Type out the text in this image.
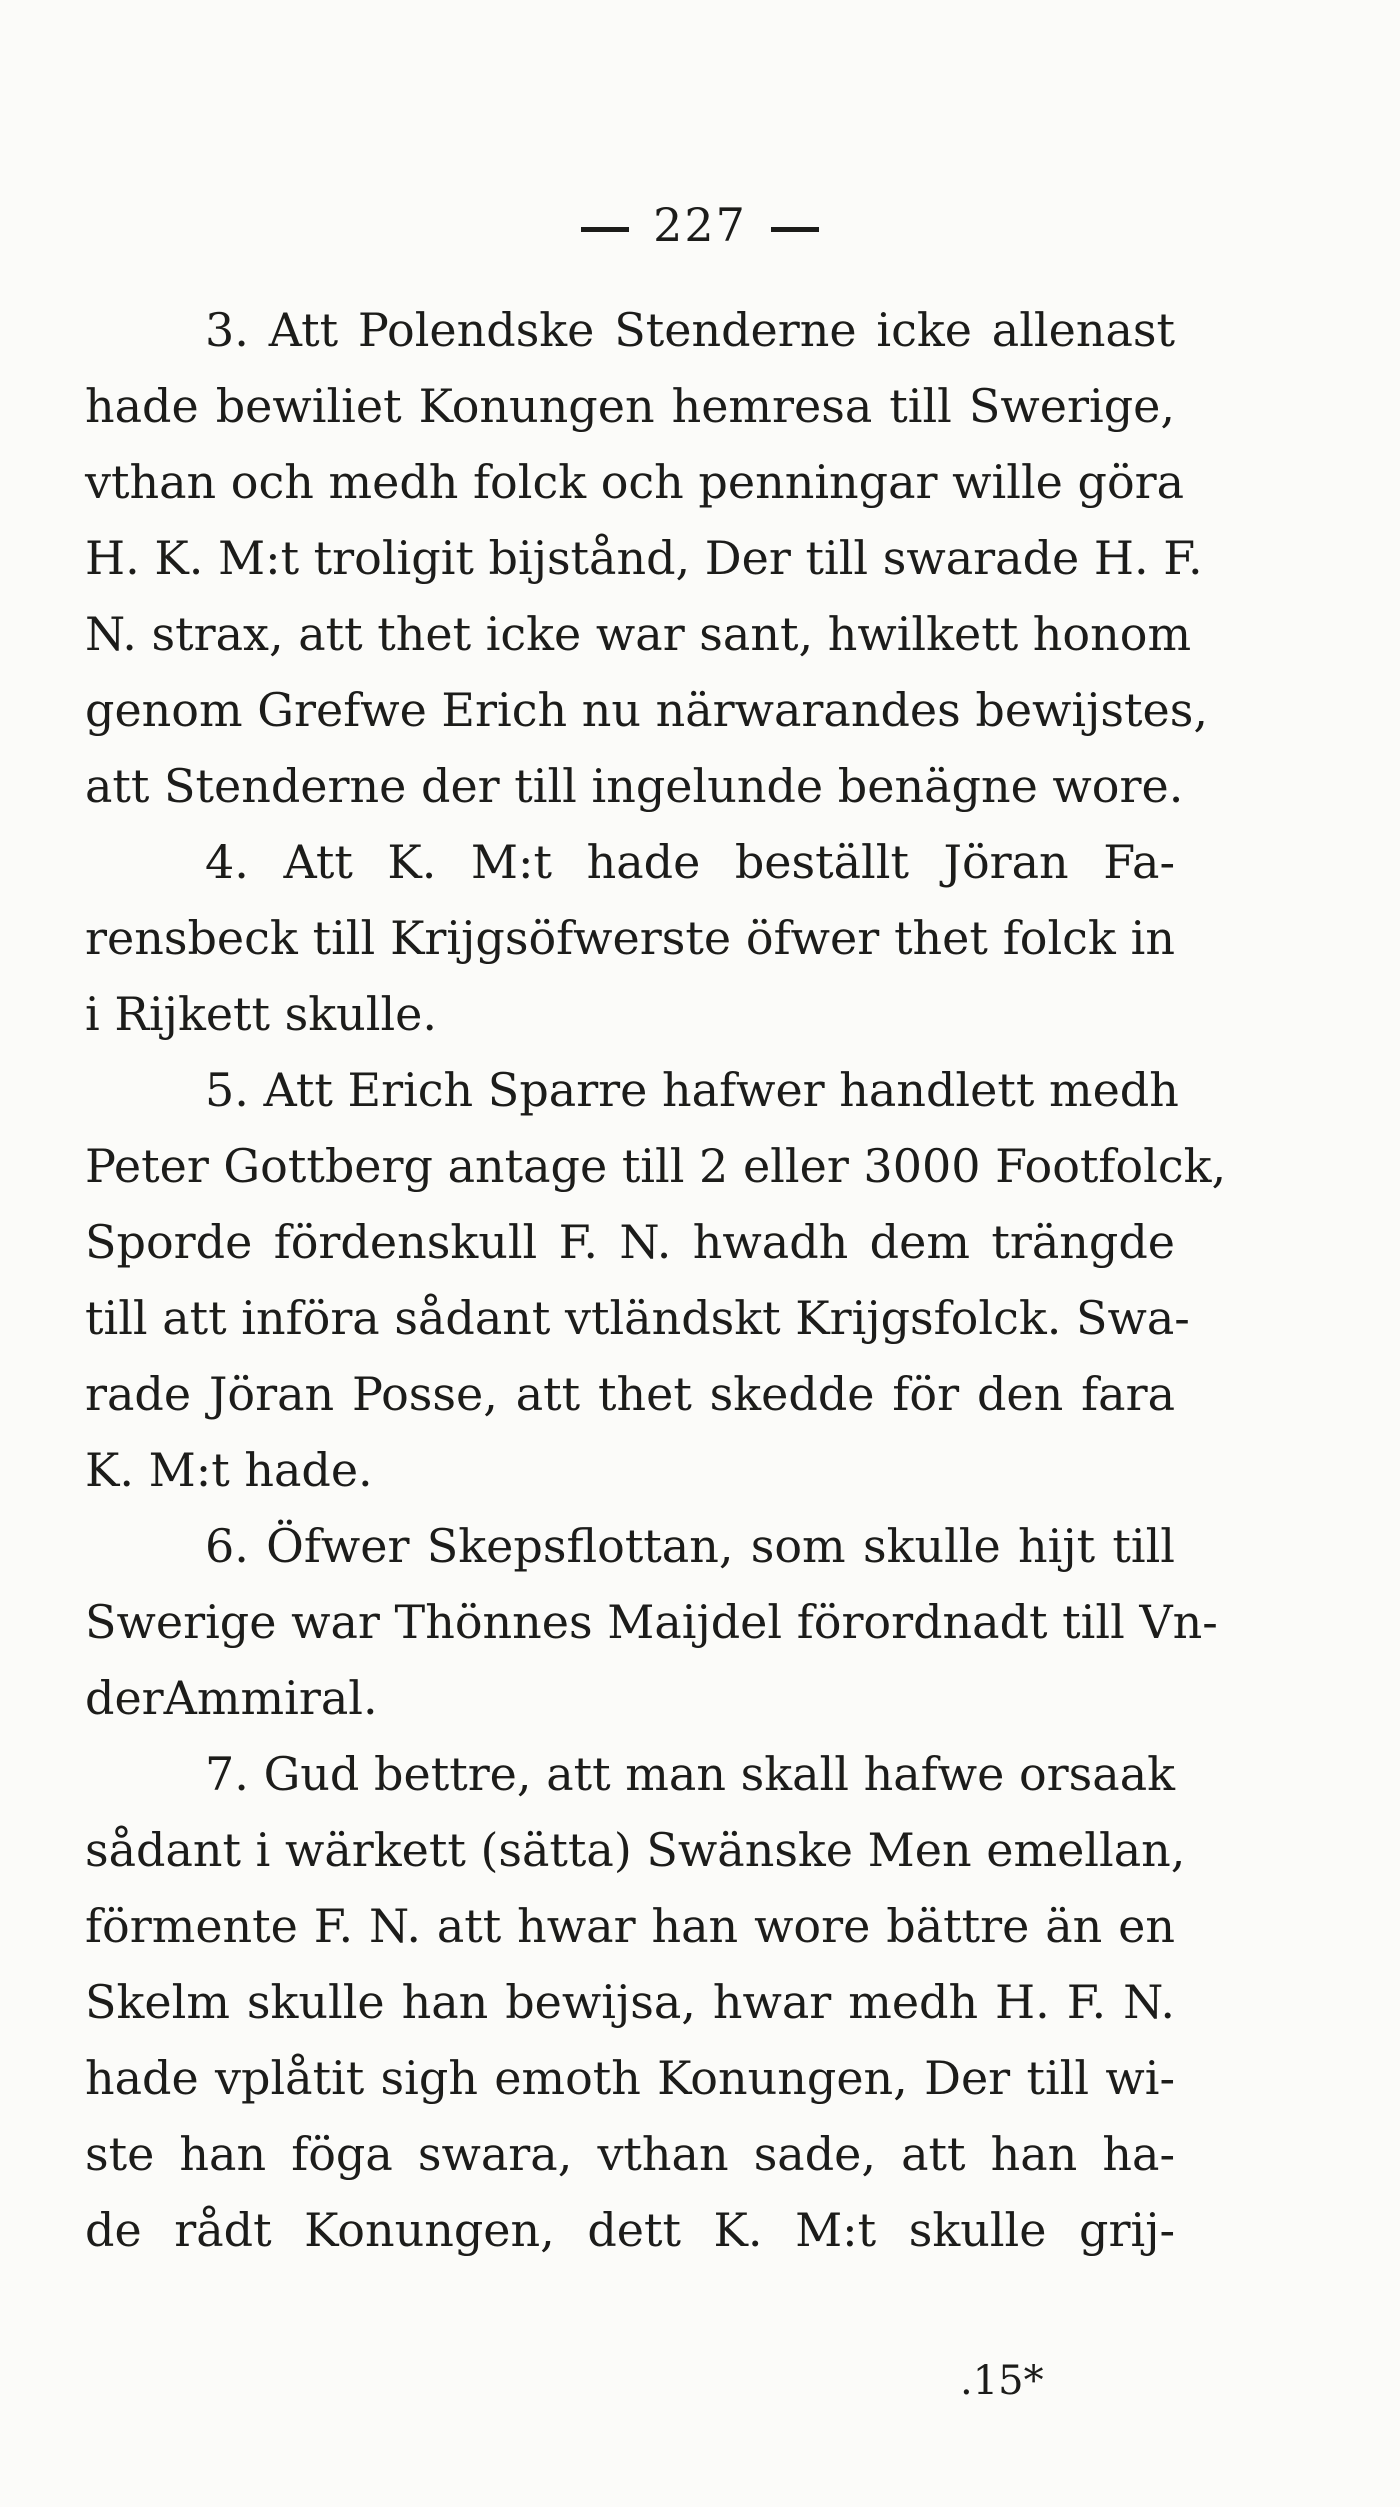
227
3. Att Polendske Stenderne icke allenast
hade bewiliet Konungen hemresa till Swerige,
vthan och medh folck och penningar wille göra
H. K. M:t troligit bijstånd, Der till swarade H. F.
N. strax, att thet icke war sant, hwilkett honom
genom Grefwe Erich nu närwarandes bewijstes,
att Stenderne der till ingelunde benägne wore.
4. Att K. M:t hade beställt Jöran Fa-
rensbeck till Krijgsöfwerste öfwer thet folck in
i Rijkett skulle.
5. Att Erich Sparre hafwer handlett medh
Peter Gottberg antage till 2 eller 3000 Footfolck,
Sporde fördenskull F. N. hwadh dem trängde
till att införa sådant vtländskt Krijgsfolck. Swa-
rade Jöran Posse, att thet skedde för den fara
K. M:t hade.
6. Öfwer Skepsflottan, som skulle hijt till
Swerige war Thönnes Maijdel förordnadt till Vn-
derAmmiral.
7. Gud bettre, att man skall hafwe orsaak
sådant i wärkett (sätta) Swänske Men emellan,
förmente F. N. att hwar han wore bättre än en
Skelm skulle han bewijsa, hwar medh H. F. N.
hade vplåtit sigh emoth Konungen, Der till wi-
ste han föga swara, vthan sade, att han ha-
de rådt Konungen, dett K. M:t skulle grij-
.15*
